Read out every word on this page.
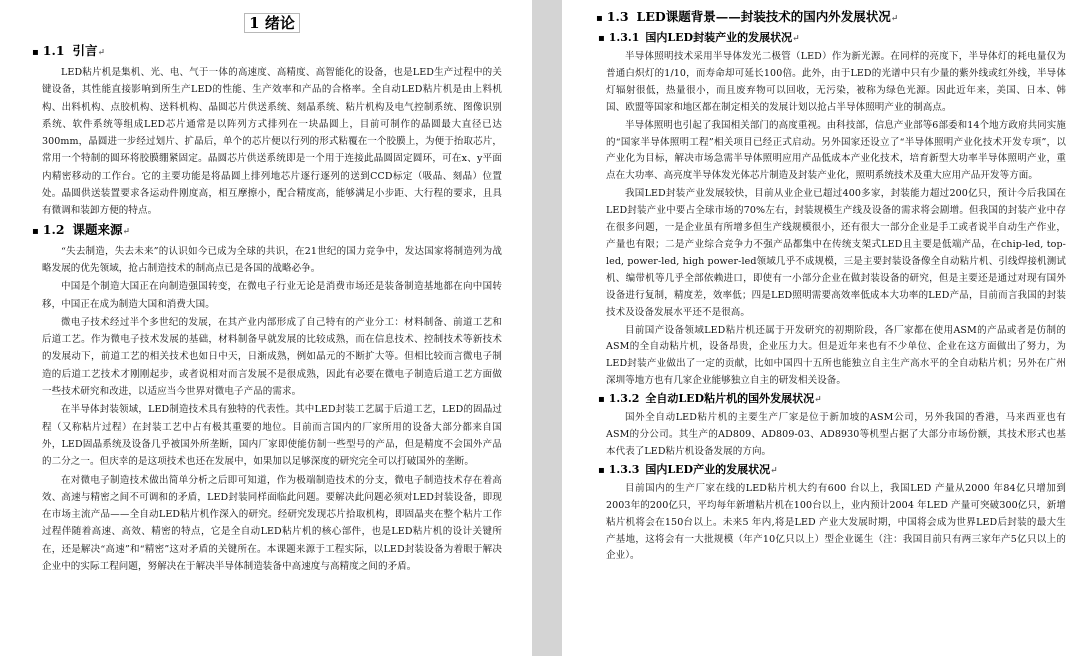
1 绪论
▪ 1.1 引言↵

LED粘片机是集机、光、电、气于一体的高速度、高精度、高智能化的设备，也是LED生产过程中的关键设备，其性能直接影响到所生产LED的性能、生产效率和产品的合格率。全自动LED粘片机是由上料机构、出料机构、点胶机构、送料机构、晶圆芯片供送系统、刻晶系统、粘片机构及电气控制系统、图像识别系统、软件系统等组成LED芯片通常是以阵列方式排列在一块晶圆上，目前可制作的晶圆最大直径已达300mm，晶圆进一步经过划片、扩晶后，单个的芯片便以行列的形式粘覆在一个胶膜上，为便于抬取芯片，常用一个特制的圆环将胶膜绷紧固定。晶圆芯片供送系统即是一个用于连接此晶圆固定圆环，可在x、y平面内精密移动的工作台。它的主要功能是将晶圆上排列地芯片逐行逐列的送到CCD标定（吸晶、刻晶）位置处。晶圆供送装置要求各运动件刚度高，相互摩擦小，配合精度高，能够满足小步距、大行程的要求，且具有微调和装卸方便的特点。

▪ 1.2 课题来源↵

“失去制造，失去未来”的认识如今已成为全球的共识，在21世纪的国力竞争中，发达国家将制造列为战略发展的优先领域，抢占制造技术的制高点已是各国的战略必争。

中国是个制造大国正在向制造强国转变，在微电子行业无论是消费市场还是装备制造基地都在向中国转移，中国正在成为制造大国和消费大国。

微电子技术经过半个多世纪的发展，在其产业内部形成了自己特有的产业分工：材料制备、前道工艺和后道工艺。作为微电子技术发展的基础，材料制备早就发展的比较成熟，而在信息技术、控制技术等新技术的发展动下，前道工艺的相关技术也如日中天，日渐成熟，例如晶元的不断扩大等。但相比较而言微电子制造的后道工艺技术才刚刚起步，或者说相对而言发展不是很成熟，因此有必要在微电子制造后道工艺方面做一些技术研究和改进，以适应当今世界对微电子产品的需求。

在半导体封装领域，LED制造技术具有独特的代表性。其中LED封装工艺属于后道工艺，LED的固晶过程（又称粘片过程）在封装工艺中占有极其重要的地位。目前而言国内的厂家所用的设备大部分都来自国外，LED固晶系统及设备几乎被国外所垄断，国内厂家即使能仿制一些型号的产品，但是精度不会国外产品的二分之一。但庆幸的是这项技术也还在发展中，如果加以足够深度的研究完全可以打破国外的垄断。

在对微电子制造技术做出简单分析之后即可知道，作为极端制造技术的分支，微电子制造技术存在着高效、高速与精密之间不可调和的矛盾，LED封装同样面临此问题。要解决此问题必须对LED封装设备，即现在市场主流产品——全自动LED粘片机作深入的研究。经研究发现芯片拾取机构，即固晶夹在整个粘片工作过程伴随着高速、高效、精密的特点，它是全自动LED粘片机的核心部件，也是LED粘片机的设计关键所在，还是解决“高速”和“精密”这对矛盾的关键所在。本课题来源于工程实际，以LED封装设备为着眼于解决企业中的实际工程问题，努解决在于解决半导体制造装备中高速度与高精度之间的矛盾。

▪ 1.3 LED课题背景——封装技术的国内外发展状况↵
▪ 1.3.1 国内LED封装产业的发展状况↵

半导体照明技术采用半导体发光二极管（LED）作为新光源。在同样的亮度下，半导体灯的耗电量仅为普通白炽灯的1/10，而寿命却可延长100倍。此外，由于LED的光谱中只有少量的紫外线或红外线，半导体灯辐射很低，热量很小，而且废弃物可以回收，无污染，被称为绿色光源。因此近年来，美国、日本、韩国、欧盟等国家和地区都在制定相关的发展计划以抢占半导体照明产业的制高点。

半导体照明也引起了我国相关部门的高度重视。由科技部，信息产业部等6部委和14个地方政府共同实施的“国家半导体照明工程”相关项目已经正式启动。另外国家还设立了“半导体照明产业化技术开发专项”，以产业化为目标，解决市场急需半导体照明应用产品低成本产业化技术，培育新型大功率半导体照明产业，重点在大功率、高亮度半导体发光体芯片制造及封装产业化，照明系统技术及重大应用产品开发等方面。

我国LED封装产业发展较快，目前从业企业已超过400多家，封装能力超过200亿只，预计今后我国在LED封装产业中要占全球市场的70%左右，封装规模生产线及设备的需求将会剧增。但我国的封装产业中存在很多问题，一是企业虽有所增多但生产线规模很小，还有很大一部分企业是手工或者说半自动生产作业，产量也有限；二是产业综合竞争力不强产品都集中在传统支架式LED且主要是低端产品，在chip-led, top-led, power-led, high power-led领域几乎不成规模，三是主要封装设备像全自动粘片机、引线焊接机测试机、编带机等几乎全部依赖进口，即使有一小部分企业在做封装设备的研究，但是主要还是通过对现有国外设备进行复制，精度差，效率低；四是LED照明需要高效率低成本大功率的LED产品，目前而言我国的封装技术及设备发展水平还不是很高。

目前国产设备领域LED粘片机还属于开发研究的初期阶段，各厂家都在使用ASM的产品或者是仿制的ASM的全自动粘片机，设备昂贵，企业压力大。但是近年来也有不少单位、企业在这方面做出了努力，为LED封装产业做出了一定的贡献，比如中国四十五所也能独立自主生产高水平的全自动粘片机；另外在广州深圳等地方也有几家企业能够独立自主的研发相关设备。

▪ 1.3.2 全自动LED粘片机的国外发展状况↵

国外全自动LED粘片机的主要生产厂家是位于新加坡的ASM公司，另外我国的香港，马来西亚也有ASM的分公司。其生产的AD809、AD809-03、AD8930等机型占据了大部分市场份额，其技术形式也基本代表了LED粘片机设备发展的方向。

▪ 1.3.3 国内LED产业的发展状况↵

目前国内的生产厂家在线的LED粘片机大约有600 台以上，我国LED 产量从2000 年84亿只增加到2003年的200亿只，平均每年新增粘片机在100台以上，业内预计2004 年LED 产量可突破300亿只，新增粘片机将会在150台以上。未来5 年内,将是LED 产业大发展时期，中国将会成为世界LED后封装的最大生产基地，这将会有一大批规模（年产10亿只以上）型企业诞生（注：我国目前只有两三家年产5亿只以上的企业）。
